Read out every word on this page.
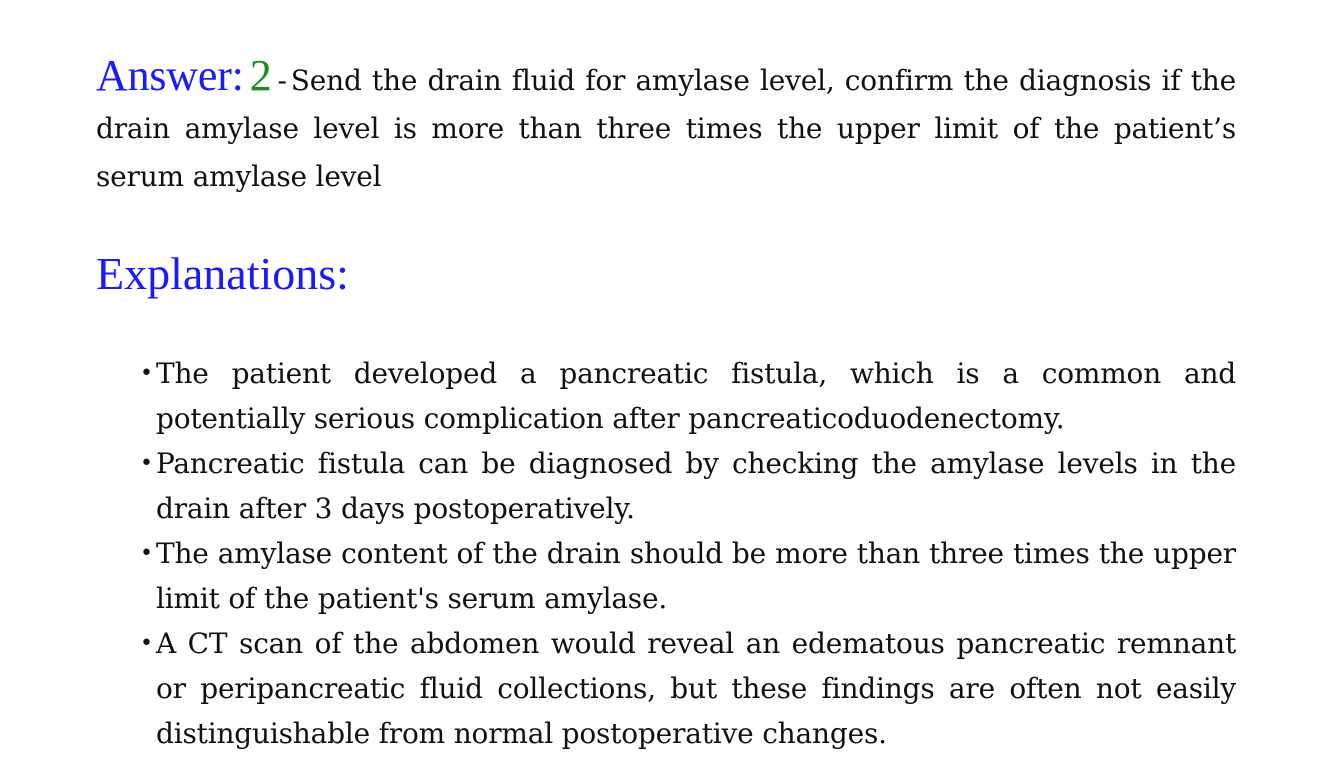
Answer: 2 - Send the drain fluid for amylase level, confirm the diagnosis if the drain amylase level is more than three times the upper limit of the patient’s serum amylase level
Explanations:
• The patient developed a pancreatic fistula, which is a common and potentially serious complication after pancreaticoduodenectomy.
• Pancreatic fistula can be diagnosed by checking the amylase levels in the drain after 3 days postoperatively.
• The amylase content of the drain should be more than three times the upper limit of the patient's serum amylase.
• A CT scan of the abdomen would reveal an edematous pancreatic remnant or peripancreatic fluid collections, but these findings are often not easily distinguishable from normal postoperative changes.
